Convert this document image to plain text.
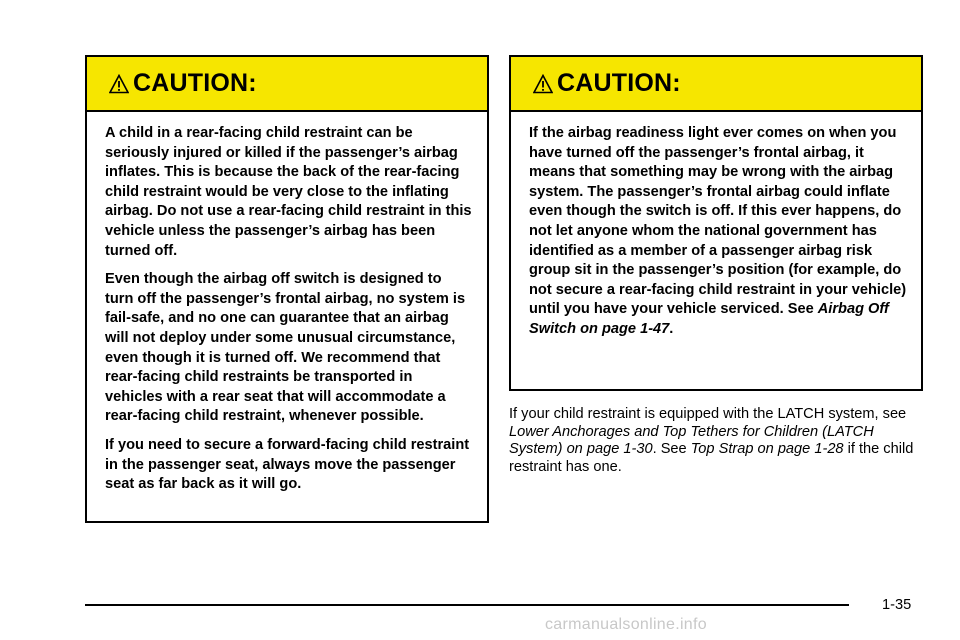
CAUTION:

A child in a rear-facing child restraint can be seriously injured or killed if the passenger’s airbag inflates. This is because the back of the rear-facing child restraint would be very close to the inflating airbag. Do not use a rear-facing child restraint in this vehicle unless the passenger’s airbag has been turned off.

Even though the airbag off switch is designed to turn off the passenger’s frontal airbag, no system is fail-safe, and no one can guarantee that an airbag will not deploy under some unusual circumstance, even though it is turned off. We recommend that rear-facing child restraints be transported in vehicles with a rear seat that will accommodate a rear-facing child restraint, whenever possible.

If you need to secure a forward-facing child restraint in the passenger seat, always move the passenger seat as far back as it will go.

CAUTION:

If the airbag readiness light ever comes on when you have turned off the passenger’s frontal airbag, it means that something may be wrong with the airbag system. The passenger’s frontal airbag could inflate even though the switch is off. If this ever happens, do not let anyone whom the national government has identified as a member of a passenger airbag risk group sit in the passenger’s position (for example, do not secure a rear-facing child restraint in your vehicle) until you have your vehicle serviced. See Airbag Off Switch on page 1-47.

If your child restraint is equipped with the LATCH system, see Lower Anchorages and Top Tethers for Children (LATCH System) on page 1-30. See Top Strap on page 1-28 if the child restraint has one.

1-35
carmanualsonline.info
